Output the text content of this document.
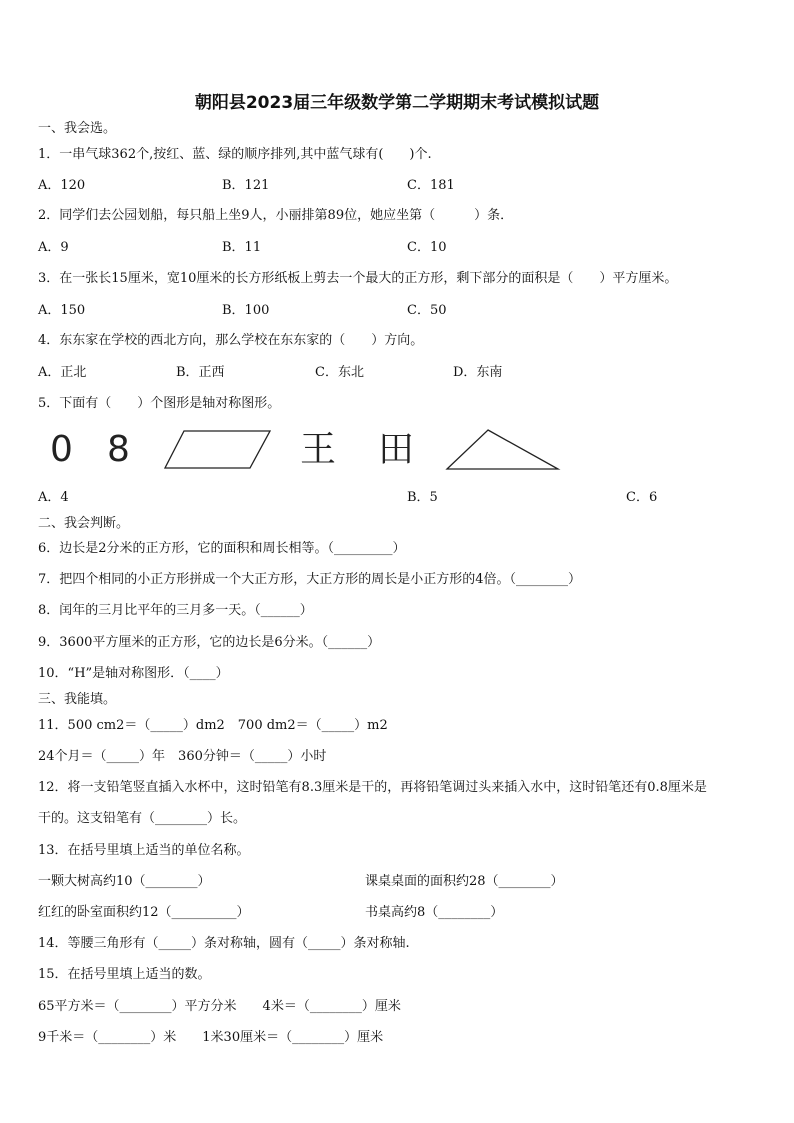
朝阳县2023届三年级数学第二学期期末考试模拟试题
一、我会选。
1．一串气球362个,按红、蓝、绿的顺序排列,其中蓝气球有(　　)个.
A．120	B．121	C．181
2．同学们去公园划船，每只船上坐9人，小丽排第89位，她应坐第（　　　）条．
A．9	B．11	C．10
3．在一张长15厘米，宽10厘米的长方形纸板上剪去一个最大的正方形，剩下部分的面积是（　　）平方厘米。
A．150	B．100	C．50
4．东东家在学校的西北方向，那么学校在东东家的（　　）方向。
A．正北	B．正西	C．东北	D．东南
5．下面有（　　）个图形是轴对称图形。
0 8	王 田
A．4	B．5	C．6
二、我会判断。
6．边长是2分米的正方形，它的面积和周长相等。（_________）
7．把四个相同的小正方形拼成一个大正方形，大正方形的周长是小正方形的4倍。（________）
8．闰年的三月比平年的三月多一天。（______）
9．3600平方厘米的正方形，它的边长是6分米。（______）
10．“H”是轴对称图形．（____）
三、我能填。
11．500 cm2＝（_____）dm2　700 dm2＝（_____）m2
24个月＝（_____）年　360分钟＝（_____）小时
12．将一支铅笔竖直插入水杯中，这时铅笔有8.3厘米是干的，再将铅笔调过头来插入水中，这时铅笔还有0.8厘米是
干的。这支铅笔有（________）长。
13．在括号里填上适当的单位名称。
一颗大树高约10（________）	课桌桌面的面积约28（________）
红红的卧室面积约12（__________）	书桌高约8（________）
14．等腰三角形有（_____）条对称轴，圆有（_____）条对称轴.
15．在括号里填上适当的数。
65平方米＝（________）平方分米　　4米＝（________）厘米
9千米＝（________）米　　1米30厘米＝（________）厘米
